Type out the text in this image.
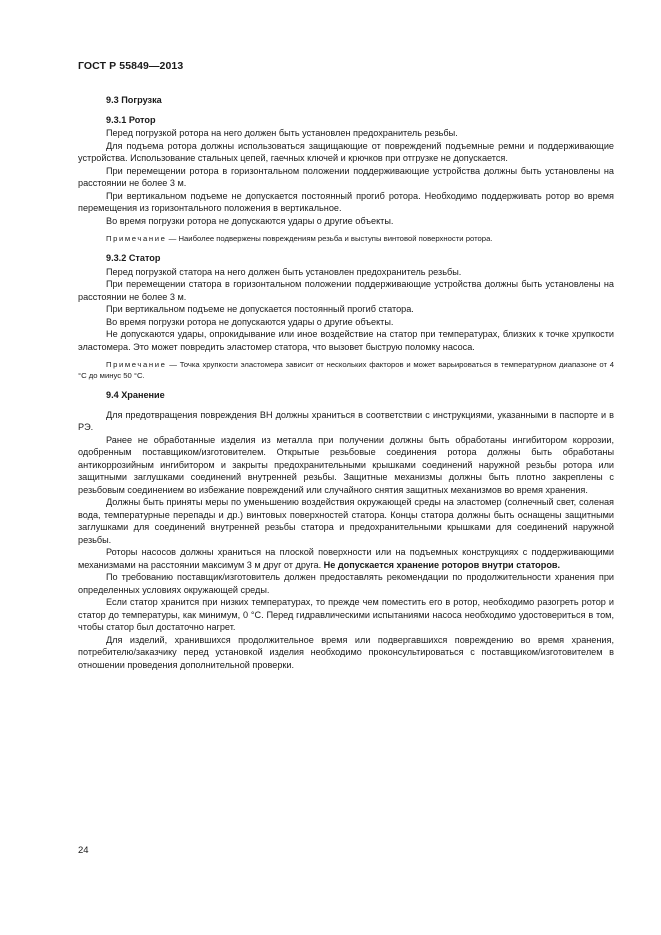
ГОСТ Р 55849—2013
9.3 Погрузка
9.3.1 Ротор

Перед погрузкой ротора на него должен быть установлен предохранитель резьбы.

Для подъема ротора должны использоваться защищающие от повреждений подъемные ремни и поддерживающие устройства. Использование стальных цепей, гаечных ключей и крючков при отгрузке не допускается.

При перемещении ротора в горизонтальном положении поддерживающие устройства должны быть установлены на расстоянии не более 3 м.

При вертикальном подъеме не допускается постоянный прогиб ротора. Необходимо поддерживать ротор во время перемещения из горизонтального положения в вертикальное.

Во время погрузки ротора не допускаются удары о другие объекты.

Примечание — Наиболее подвержены повреждениям резьба и выступы винтовой поверхности ротора.
9.3.2 Статор

Перед погрузкой статора на него должен быть установлен предохранитель резьбы.

При перемещении статора в горизонтальном положении поддерживающие устройства должны быть установлены на расстоянии не более 3 м.

При вертикальном подъеме не допускается постоянный прогиб статора.

Во время погрузки ротора не допускаются удары о другие объекты.

Не допускаются удары, опрокидывание или иное воздействие на статор при температурах, близких к точке хрупкости эластомера. Это может повредить эластомер статора, что вызовет быструю поломку насоса.

Примечание — Точка хрупкости эластомера зависит от нескольких факторов и может варьироваться в температурном диапазоне от 4 °С до минус 50 °С.
9.4 Хранение

Для предотвращения повреждения ВН должны храниться в соответствии с инструкциями, указанными в паспорте и в РЭ.

Ранее не обработанные изделия из металла при получении должны быть обработаны ингибитором коррозии, одобренным поставщиком/изготовителем. Открытые резьбовые соединения ротора должны быть обработаны антикоррозийным ингибитором и закрыты предохранительными крышками соединений наружной резьбы ротора или защитными заглушками соединений внутренней резьбы. Защитные механизмы должны быть плотно закреплены с резьбовым соединением во избежание повреждений или случайного снятия защитных механизмов во время хранения.

Должны быть приняты меры по уменьшению воздействия окружающей среды на эластомер (солнечный свет, соленая вода, температурные перепады и др.) винтовых поверхностей статора. Концы статора должны быть оснащены защитными заглушками для соединений внутренней резьбы статора и предохранительными крышками для соединений наружной резьбы.

Роторы насосов должны храниться на плоской поверхности или на подъемных конструкциях с поддерживающими механизмами на расстоянии максимум 3 м друг от друга. Не допускается хранение роторов внутри статоров.

По требованию поставщик/изготовитель должен предоставлять рекомендации по продолжительности хранения при определенных условиях окружающей среды.

Если статор хранится при низких температурах, то прежде чем поместить его в ротор, необходимо разогреть ротор и статор до температуры, как минимум, 0 °С. Перед гидравлическими испытаниями насоса необходимо удостовериться в том, чтобы статор был достаточно нагрет.

Для изделий, хранившихся продолжительное время или подвергавшихся повреждению во время хранения, потребителю/заказчику перед установкой изделия необходимо проконсультироваться с поставщиком/изготовителем в отношении проведения дополнительной проверки.

24
